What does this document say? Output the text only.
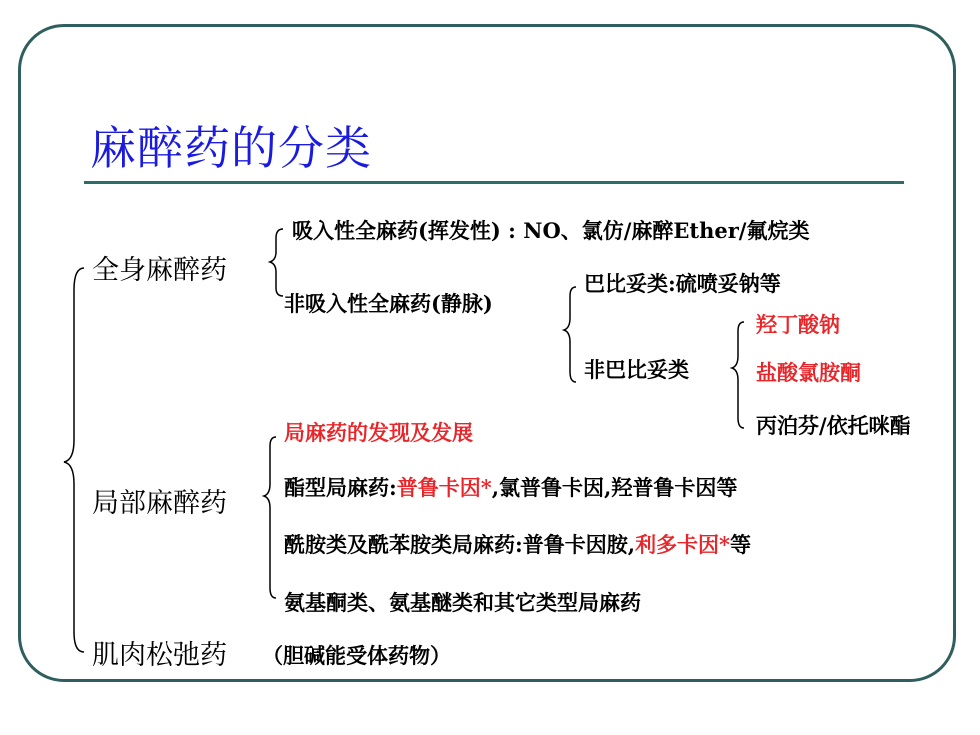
麻醉药的分类
全身麻醉药
局部麻醉药
肌肉松弛药 （胆碱能受体药物）
吸入性全麻药(挥发性) : NO、氯仿/麻醉Ether/氟烷类
非吸入性全麻药(静脉)
巴比妥类:硫喷妥钠等
非巴比妥类
羟丁酸钠
盐酸氯胺酮
丙泊芬/依托咪酯
局麻药的发现及发展
酯型局麻药:普鲁卡因*,氯普鲁卡因,羟普鲁卡因等
酰胺类及酰苯胺类局麻药:普鲁卡因胺,利多卡因*等
氨基酮类、氨基醚类和其它类型局麻药
